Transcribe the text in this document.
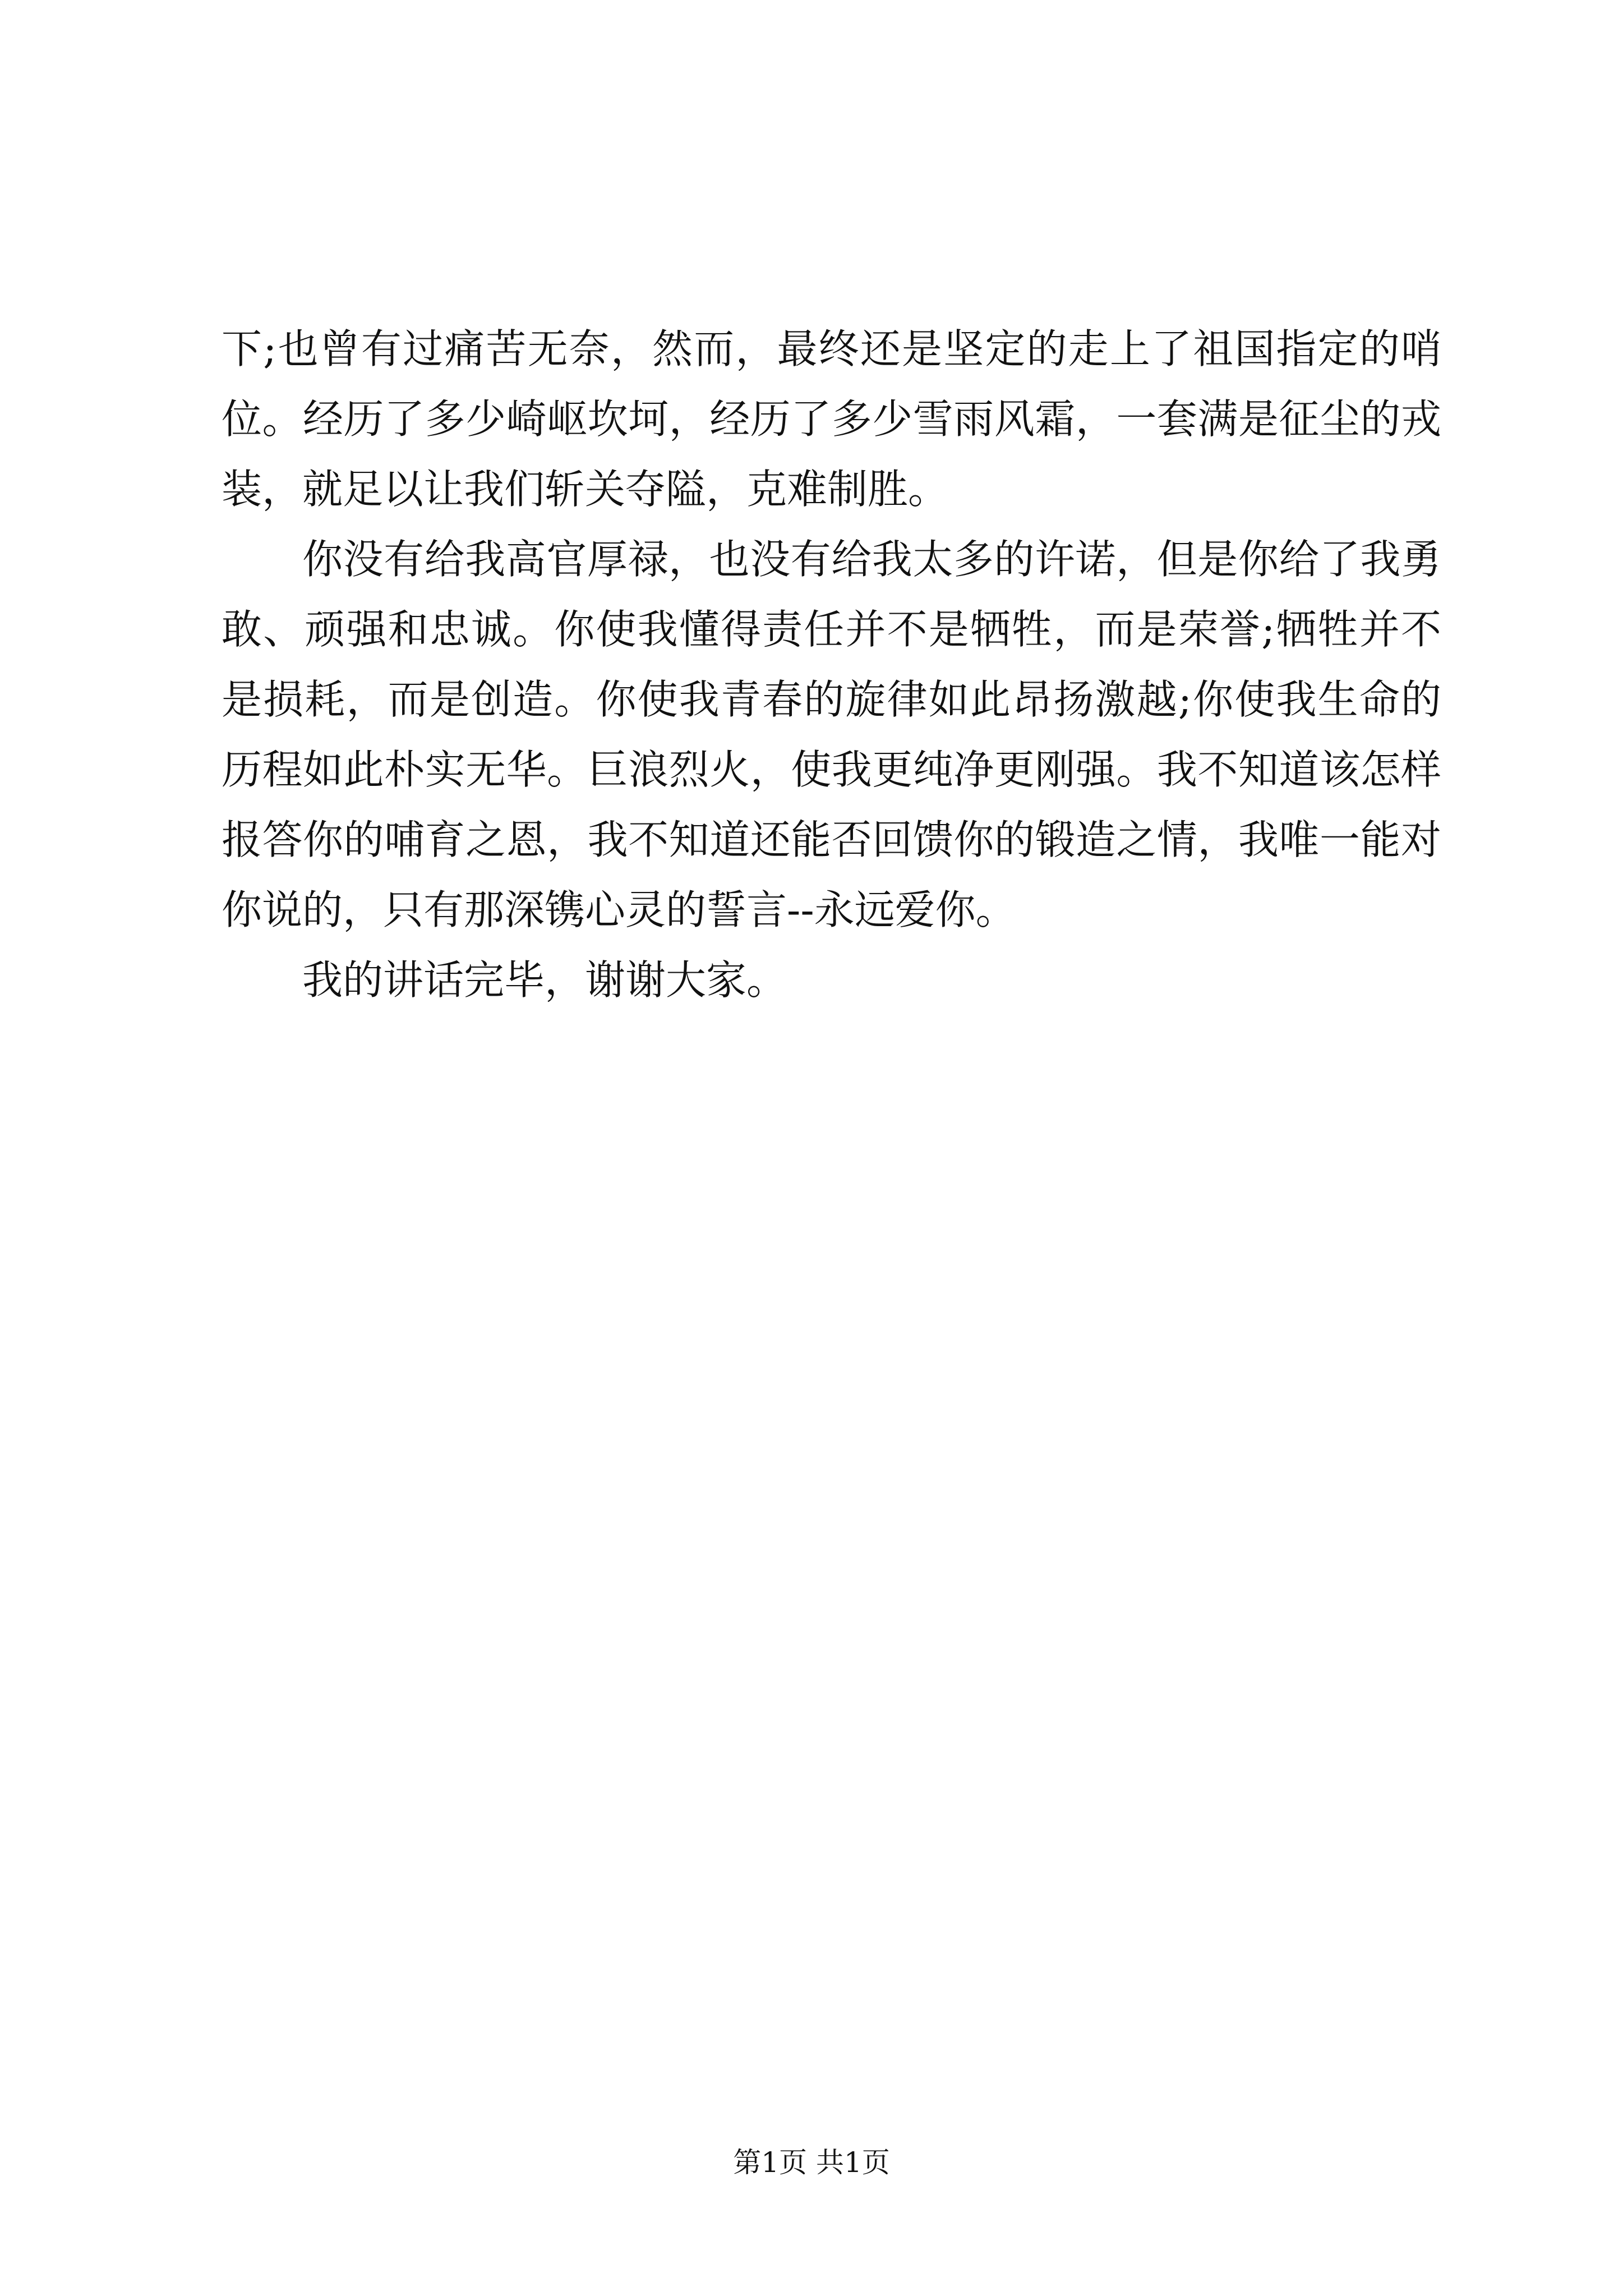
下;也曾有过痛苦无奈，然而，最终还是坚定的走上了祖国指定的哨位。经历了多少崎岖坎坷，经历了多少雪雨风霜，一套满是征尘的戎装，就足以让我们斩关夺隘，克难制胜。

你没有给我高官厚禄，也没有给我太多的许诺，但是你给了我勇敢、顽强和忠诚。你使我懂得责任并不是牺牲，而是荣誉;牺牲并不是损耗，而是创造。你使我青春的旋律如此昂扬激越;你使我生命的历程如此朴实无华。巨浪烈火，使我更纯净更刚强。我不知道该怎样报答你的哺育之恩，我不知道还能否回馈你的锻造之情，我唯一能对你说的，只有那深镌心灵的誓言--永远爱你。

我的讲话完毕，谢谢大家。

第1页 共1页
